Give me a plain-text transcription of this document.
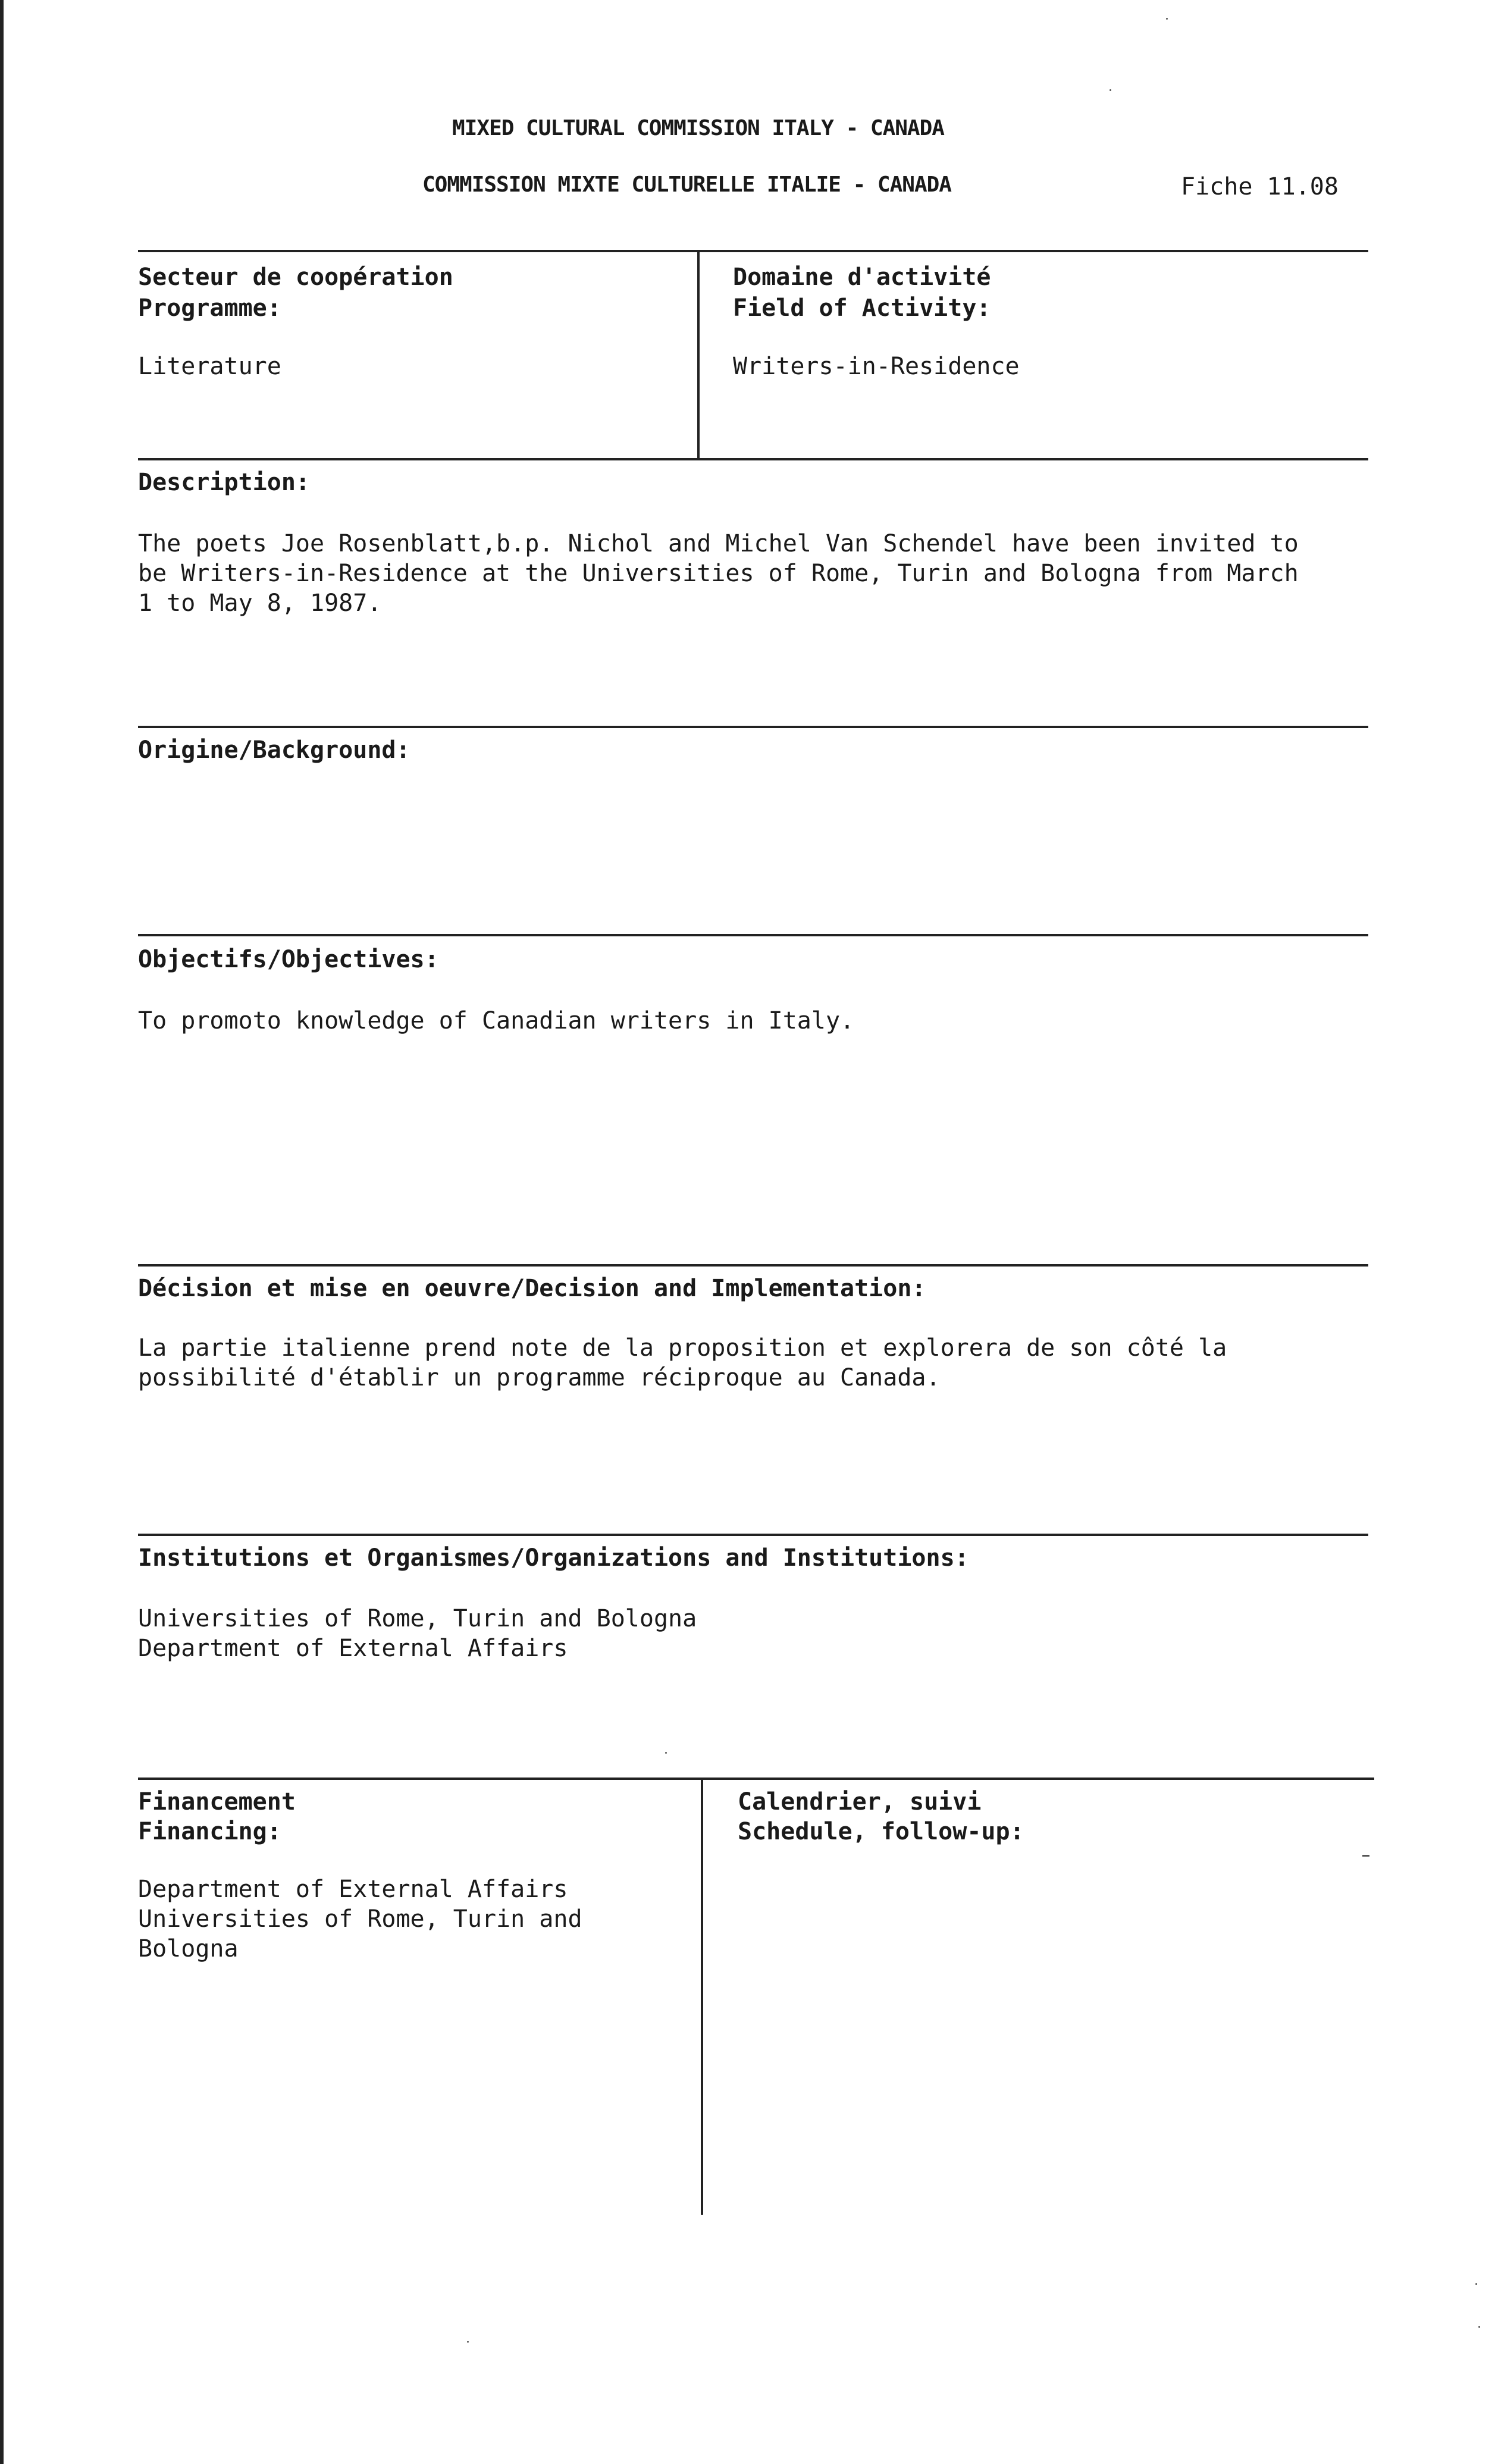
MIXED CULTURAL COMMISSION ITALY - CANADA
COMMISSION MIXTE CULTURELLE ITALIE - CANADA	Fiche 11.08
Secteur de coopération
Programme:
Literature
Domaine d'activité
Field of Activity:
Writers-in-Residence
Description:
The poets Joe Rosenblatt,b.p. Nichol and Michel Van Schendel have been invited to
be Writers-in-Residence at the Universities of Rome, Turin and Bologna from March
1 to May 8, 1987.
Origine/Background:
Objectifs/Objectives:
To promoto knowledge of Canadian writers in Italy.
Décision et mise en oeuvre/Decision and Implementation:
La partie italienne prend note de la proposition et explorera de son côté la
possibilité d'établir un programme réciproque au Canada.
Institutions et Organismes/Organizations and Institutions:
Universities of Rome, Turin and Bologna
Department of External Affairs
Financement
Financing:
Department of External Affairs
Universities of Rome, Turin and
Bologna
Calendrier, suivi
Schedule, follow-up:
